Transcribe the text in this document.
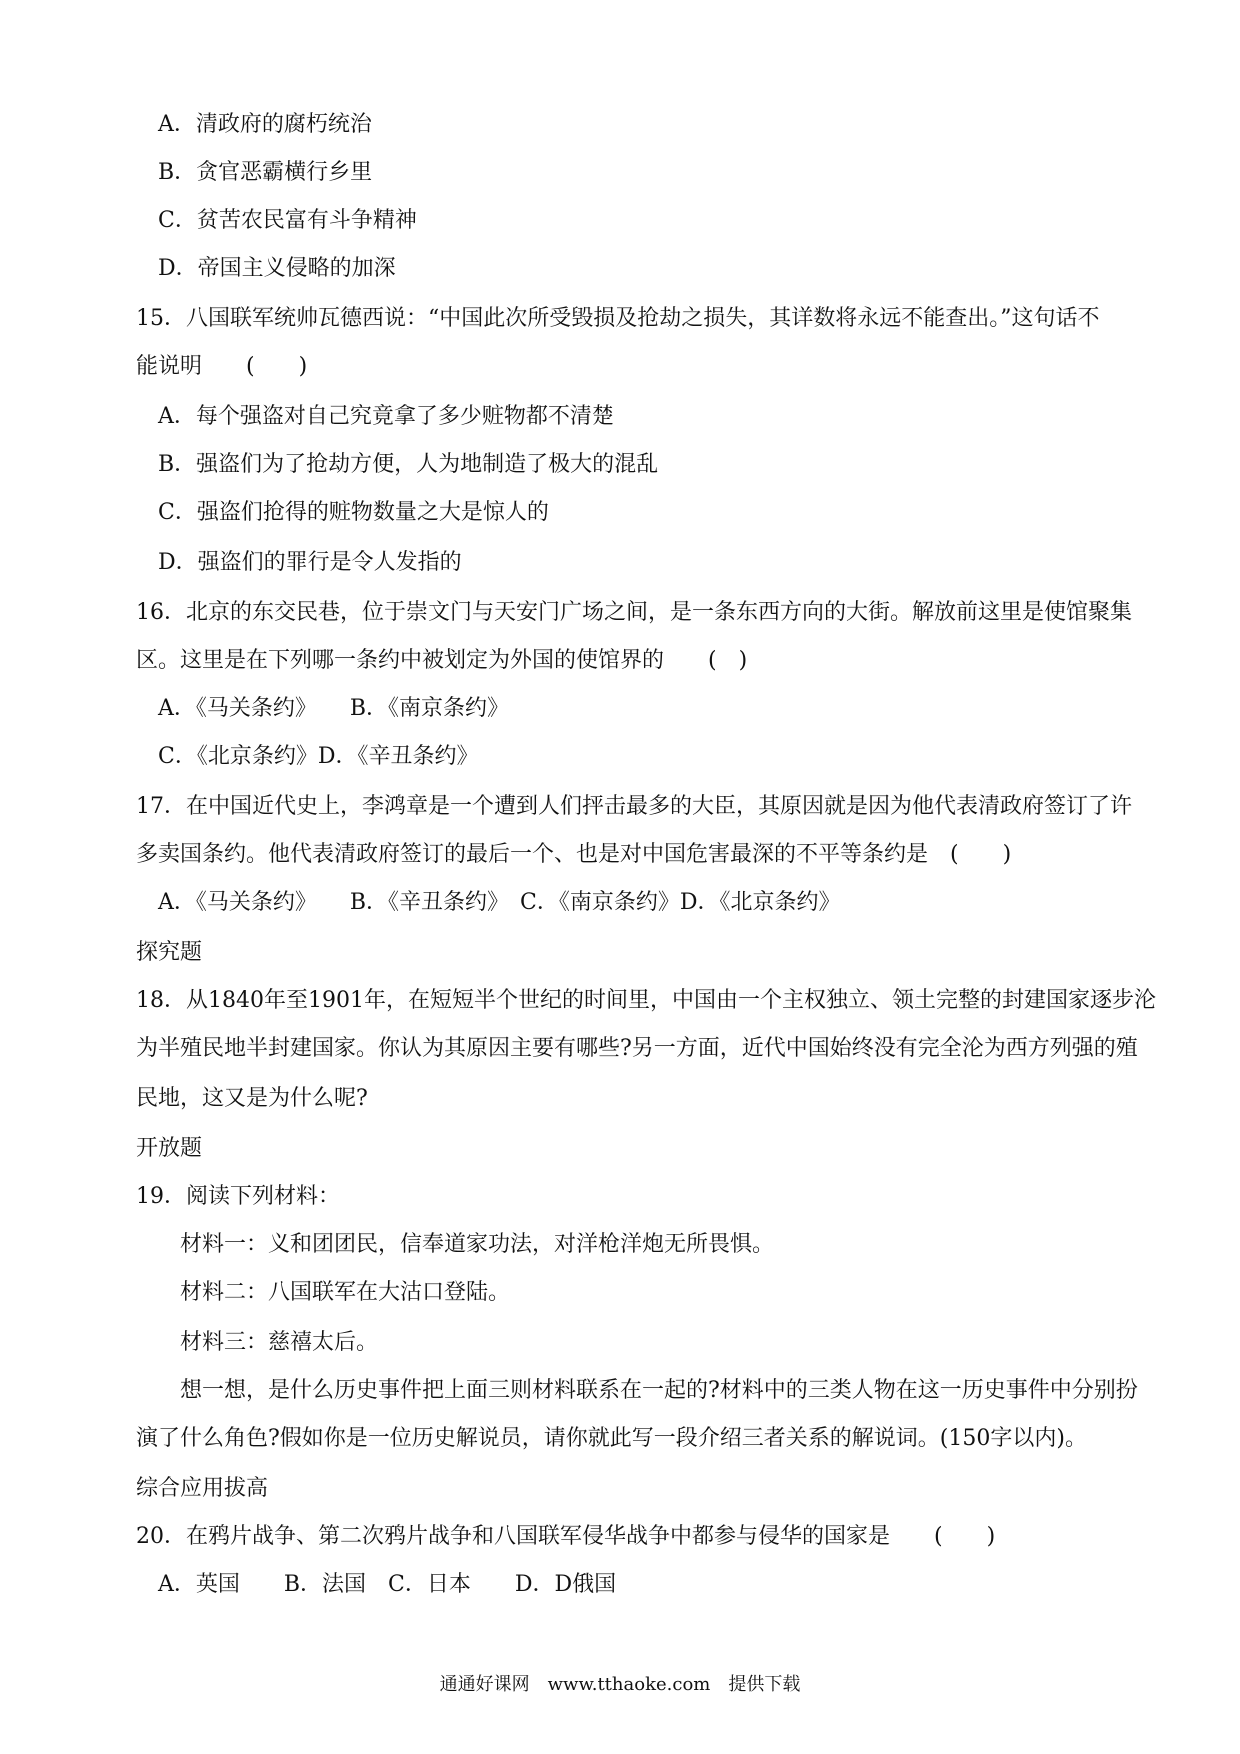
A．清政府的腐朽统治
B．贪官恶霸横行乡里
C．贫苦农民富有斗争精神
D．帝国主义侵略的加深
15．八国联军统帅瓦德西说：“中国此次所受毁损及抢劫之损失，其详数将永远不能查出。”这句话不
能说明　　(　　)
A．每个强盗对自己究竟拿了多少赃物都不清楚
B．强盗们为了抢劫方便，人为地制造了极大的混乱
C．强盗们抢得的赃物数量之大是惊人的
D．强盗们的罪行是令人发指的
16．北京的东交民巷，位于崇文门与天安门广场之间，是一条东西方向的大街。解放前这里是使馆聚集
区。这里是在下列哪一条约中被划定为外国的使馆界的　　(　)
A．《马关条约》　　B．《南京条约》
C．《北京条约》D．《辛丑条约》
17．在中国近代史上，李鸿章是一个遭到人们抨击最多的大臣，其原因就是因为他代表清政府签订了许
多卖国条约。他代表清政府签订的最后一个、也是对中国危害最深的不平等条约是　(　　)
A．《马关条约》　　B．《辛丑条约》　C．《南京条约》D．《北京条约》
探究题
18．从1840年至1901年，在短短半个世纪的时间里，中国由一个主权独立、领土完整的封建国家逐步沦
为半殖民地半封建国家。你认为其原因主要有哪些?另一方面，近代中国始终没有完全沦为西方列强的殖
民地，这又是为什么呢?
开放题
19．阅读下列材料：
材料一：义和团团民，信奉道家功法，对洋枪洋炮无所畏惧。
材料二：八国联军在大沽口登陆。
材料三：慈禧太后。
想一想，是什么历史事件把上面三则材料联系在一起的?材料中的三类人物在这一历史事件中分别扮
演了什么角色?假如你是一位历史解说员，请你就此写一段介绍三者关系的解说词。(150字以内)。
综合应用拔高
20．在鸦片战争、第二次鸦片战争和八国联军侵华战争中都参与侵华的国家是　　(　　)
A．英国　　B．法国　C．日本　　D．D俄国
通通好课网　www.tthaoke.com　提供下载
